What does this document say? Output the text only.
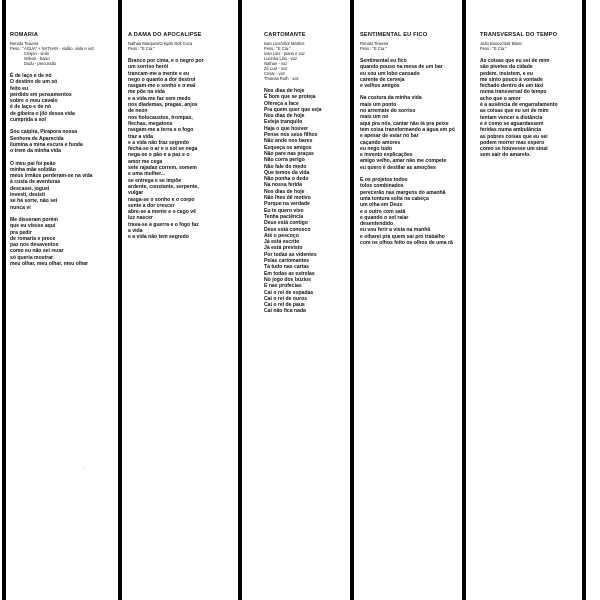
ROMARIA
Renato Teixeira
Pess.: "ÁGUA" + NATHAN - violão, viola e voz
Crispin - viola
Wilson - baixo
Dudu - percussão
É de laço e de nó
O destino de um só
feito eu
perdido em pensamentos
sobre o meu cavalo
é de laço e de nó
de gibeira o jiló dessa vida
cumprida a sol
Sou caipira, Pirapora nossa
Senhora de Aparecida
ilumina a mina escura e funda
o trem da minha vida
O meu pai foi peão
minha mãe solidão
meus irmãos perderam-se na vida
à custa de aventuras
descasei, joguei
investi, desisti
se há sorte, não sei
nunca vi
Me disseram porém
que eu viesse aqui
pra pedir
de romaria e prece
paz nos desaventos
como eu não sei rezar
só queria mostrar
meu olhar, meu olhar, meu olhar
A DAMA DO APOCALIPSE
Nathan Marques/Crispim Dell Cuca
Pess.: "E Cia."
Branco por cima, e o negro por
um sorriso herói
trancam-me a mente e eu
nego o quanto a dor destroi
rasgam-me o sonho e o mal
me põe na vida
e a vida me faz sem medo
nos diademas, pragas, anjos
de neon
nos holocaustos, trompas,
flechas, megatons
rasgam-me a terra e o fogo
traz a vida
e a vida não traz segredo
fecha-se o ar e o sol se nega
nega-se o pão e a paz e o
amor me cega
sete rajadas correm, somem
e uma mulher...
se entrega e se impõe
ardente, constante, serpente,
vulgar
rasga-se o sonho e o corpo
sente a dor crescer
abre-se a mente e o cego vê
luz nascer
trava-se a guerra e o fogo faz
a vida
e a vida não tem segredo
CARTOMANTE
Ivan Lins/Vitor Martins
Pess.: "E Cia."
Ivan Lins - piano e voz
Lucinha Lins - voz
Nathan - voz
Zé Luiz - voz
Cesar - voz
Thomas Roth - voz
Nos dias de hoje
É bom que se proteja
Ofereça a face
Pra quem quer que seja
Nos dias de hoje
Esteja tranquilo
Haja o que houver
Pense nos seus filhos
Não ande nos bares
Esqueça os amigos
Não pare nas praças
Não corra perigo
Não fale do medo
Que temos da vida
Não ponha o dedo
Na nossa ferida
Nos dias de hoje
Não lhes dê motivo
Porque na verdade
Eu te quero vivo
Tenha paciência
Deus está contigo
Deus está conosco
Até o pescoço
Já está escrito
Já está previsto
Por todas as videntes
Pelas cartomantes
Tá tudo nas cartas
Em todas as estrelas
No jogo dos búzios
E nas profecias
Cai o rei de espadas
Cai o rei de ouros
Cai o rei de paus
Cai não fica nada
SENTIMENTAL EU FICO
Renato Teixeira
Pess.: "E Cia."
Sentimental eu fico
quando pouso na mesa de um bar
eu sou um lobo cansado
carente de cerveja
e velhos amigos
Na costura da minha vida
mais um ponto
no arremate do sorriso
mais um nó
aqui pra nós, cantar não tá pra peixe
tem coisa transformando a água em pó
e apesar de estar no bar
caçando amores
eu nego tudo
e invento explicações
amigo velho, amar não me compete
eu quero é destilar as amoções
E os projetos todos
tolos combinados
perecerão nas margens do amanhã
uma tontura solta na cabeça
um olha em Deus
e o outro com satã
e quando o sol raiar
desentendido
eu vou ferir a vista na manhã
e olharei pra quem sai pro trabalho
com os olhos feito os olhos de uma rã
TRANSVERSAL DO TEMPO
João Bosco/Aldir Blanc
Pess.: "E Cia."
As coisas que eu sei de mim
são pivetes da cidade
pedem, insistem, e eu
me sinto pouco à vontade
fechado dentro de um táxi
numa transversal do tempo
acho que o amor
é a ausência de engarrafamento
as coisas que eu sei de mim
tentam vencer a distância
e é como se aguardassem
feridas numa ambulância
as pobres coisas que eu sei
podem morrer mas espero
como se houvesse um sinal
sem sair do amarelo.
·
